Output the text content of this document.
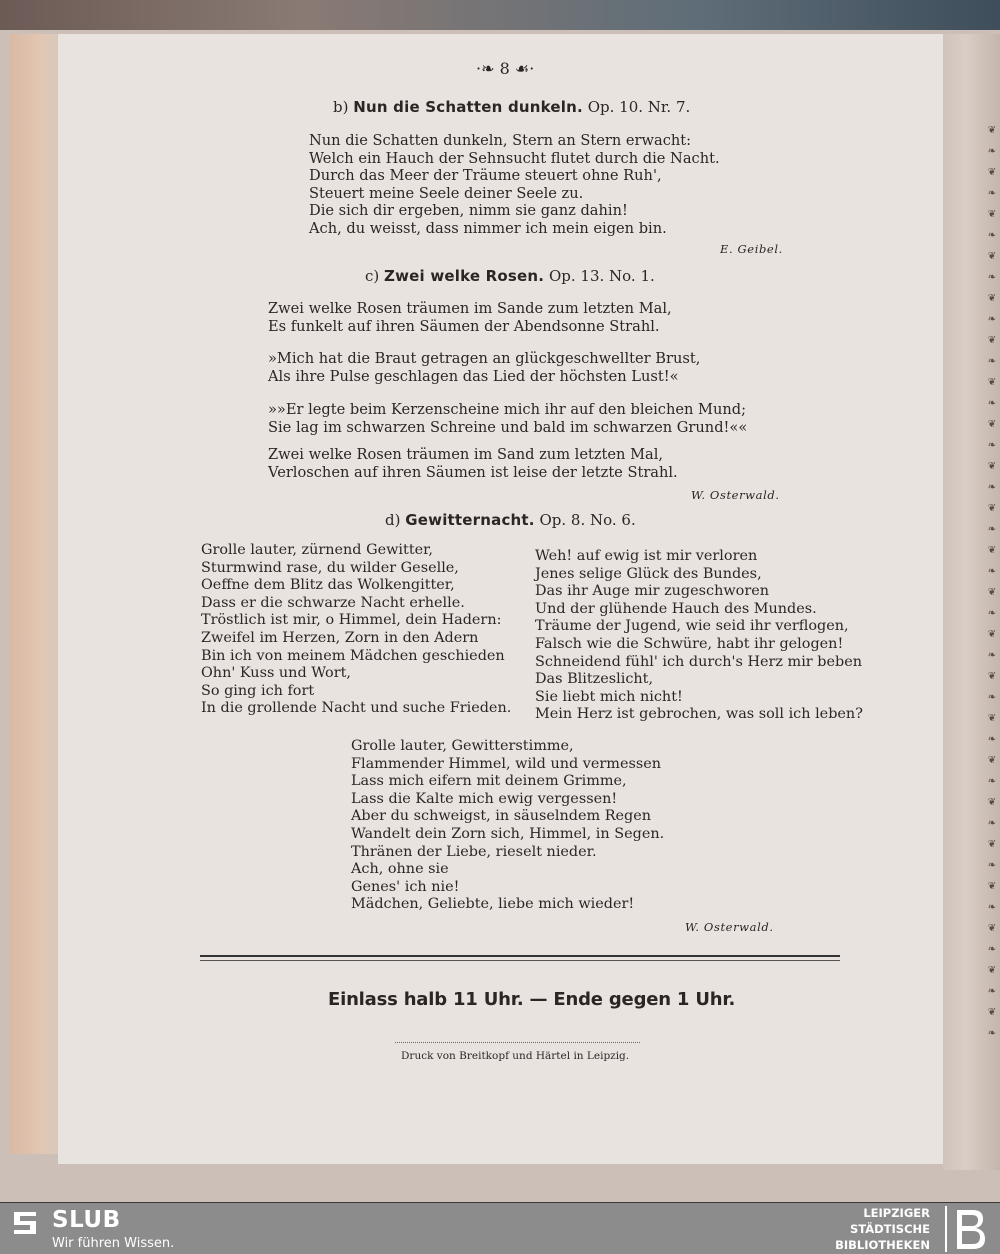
❦
❧
❦
❧
❦
❧
❦
❧
❦
❧
❦
❧
❦
❧
❦
❧
❦
❧
❦
❧
❦
❧
❦
❧
❦
❧
❦
❧
❦
❧
❦
❧
❦
❧
❦
❧
❦
❧
❦
❧
❦
❧
❦
❧
·❧ 8 ☙·
b) Nun die Schatten dunkeln. Op. 10. Nr. 7.
Nun die Schatten dunkeln, Stern an Stern erwacht:
Welch ein Hauch der Sehnsucht flutet durch die Nacht.
Durch das Meer der Träume steuert ohne Ruh',
Steuert meine Seele deiner Seele zu.
Die sich dir ergeben, nimm sie ganz dahin!
Ach, du weisst, dass nimmer ich mein eigen bin.
E. Geibel.
c) Zwei welke Rosen. Op. 13. No. 1.
Zwei welke Rosen träumen im Sande zum letzten Mal,
Es funkelt auf ihren Säumen der Abendsonne Strahl.
»Mich hat die Braut getragen an glückgeschwellter Brust,
Als ihre Pulse geschlagen das Lied der höchsten Lust!«
»»Er legte beim Kerzenscheine mich ihr auf den bleichen Mund;
Sie lag im schwarzen Schreine und bald im schwarzen Grund!««
Zwei welke Rosen träumen im Sand zum letzten Mal,
Verloschen auf ihren Säumen ist leise der letzte Strahl.
W. Osterwald.
d) Gewitternacht. Op. 8. No. 6.
Grolle lauter, zürnend Gewitter,
Sturmwind rase, du wilder Geselle,
Oeffne dem Blitz das Wolkengitter,
Dass er die schwarze Nacht erhelle.
Tröstlich ist mir, o Himmel, dein Hadern:
Zweifel im Herzen, Zorn in den Adern
Bin ich von meinem Mädchen geschieden
Ohn' Kuss und Wort,
So ging ich fort
In die grollende Nacht und suche Frieden.
Weh! auf ewig ist mir verloren
Jenes selige Glück des Bundes,
Das ihr Auge mir zugeschworen
Und der glühende Hauch des Mundes.
Träume der Jugend, wie seid ihr verflogen,
Falsch wie die Schwüre, habt ihr gelogen!
Schneidend fühl' ich durch's Herz mir beben
Das Blitzeslicht,
Sie liebt mich nicht!
Mein Herz ist gebrochen, was soll ich leben?
Grolle lauter, Gewitterstimme,
Flammender Himmel, wild und vermessen
Lass mich eifern mit deinem Grimme,
Lass die Kalte mich ewig vergessen!
Aber du schweigst, in säuselndem Regen
Wandelt dein Zorn sich, Himmel, in Segen.
Thränen der Liebe, rieselt nieder.
Ach, ohne sie
Genes' ich nie!
Mädchen, Geliebte, liebe mich wieder!
W. Osterwald.
Einlass halb 11 Uhr. — Ende gegen 1 Uhr.
Druck von Breitkopf und Härtel in Leipzig.
SLUB
Wir führen Wissen.
LEIPZIGER
STÄDTISCHE
BIBLIOTHEKEN
